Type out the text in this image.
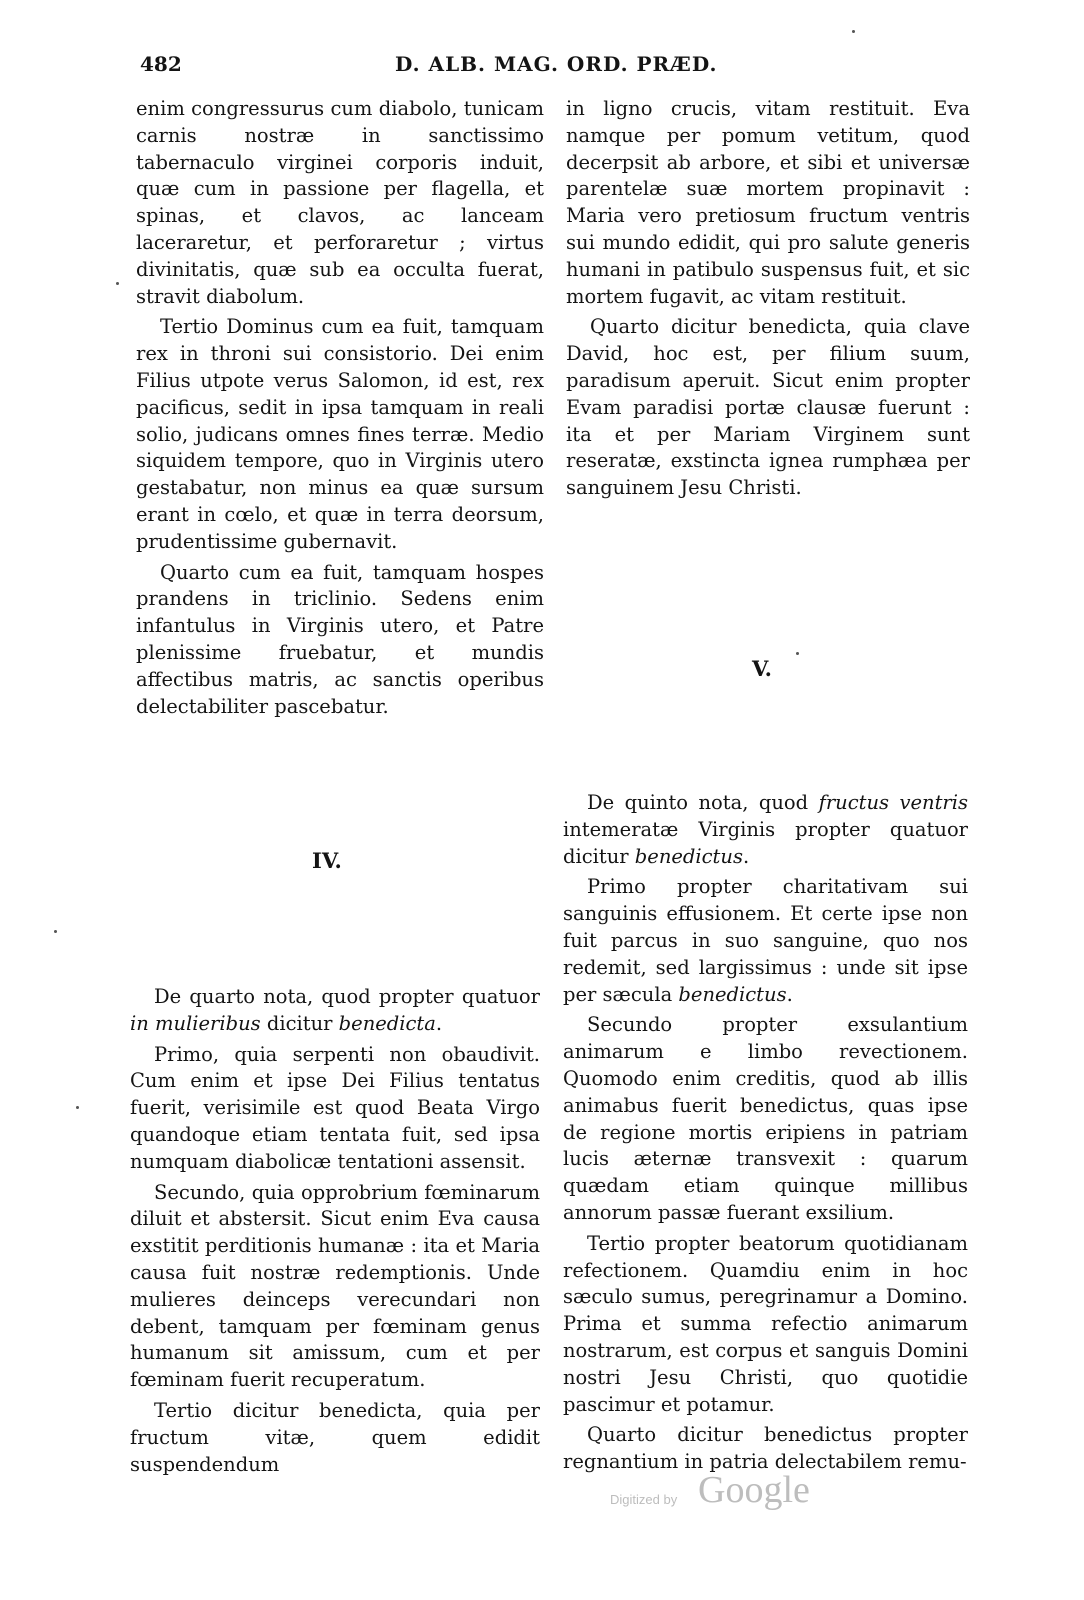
482	D. ALB. MAG. ORD. PRÆD.

enim congressurus cum diabolo, tunicam carnis nostræ in sanctissimo tabernaculo virginei corporis induit, quæ cum in passione per flagella, et spinas, et clavos, ac lanceam laceraretur, et perforaretur ; virtus divinitatis, quæ sub ea occulta fuerat, stravit diabolum.

Tertio Dominus cum ea fuit, tamquam rex in throni sui consistorio. Dei enim Filius utpote verus Salomon, id est, rex pacificus, sedit in ipsa tamquam in reali solio, judicans omnes fines terræ. Medio siquidem tempore, quo in Virginis utero gestabatur, non minus ea quæ sursum erant in cœlo, et quæ in terra deorsum, prudentissime gubernavit.

Quarto cum ea fuit, tamquam hospes prandens in triclinio. Sedens enim infantulus in Virginis utero, et Patre plenissime fruebatur, et mundis affectibus matris, ac sanctis operibus delectabiliter pascebatur.

in ligno crucis, vitam restituit. Eva namque per pomum vetitum, quod decerpsit ab arbore, et sibi et universæ parentelæ suæ mortem propinavit : Maria vero pretiosum fructum ventris sui mundo edidit, qui pro salute generis humani in patibulo suspensus fuit, et sic mortem fugavit, ac vitam restituit.

Quarto dicitur benedicta, quia clave David, hoc est, per filium suum, paradisum aperuit. Sicut enim propter Evam paradisi portæ clausæ fuerunt : ita et per Mariam Virginem sunt reseratæ, exstincta ignea rumphæa per sanguinem Jesu Christi.

V.
IV.

De quarto nota, quod propter quatuor in mulieribus dicitur benedicta.

Primo, quia serpenti non obaudivit. Cum enim et ipse Dei Filius tentatus fuerit, verisimile est quod Beata Virgo quandoque etiam tentata fuit, sed ipsa numquam diabolicæ tentationi assensit.

Secundo, quia opprobrium fœminarum diluit et abstersit. Sicut enim Eva causa exstitit perditionis humanæ : ita et Maria causa fuit nostræ redemptionis. Unde mulieres deinceps verecundari non debent, tamquam per fœminam genus humanum sit amissum, cum et per fœminam fuerit recuperatum.

Tertio dicitur benedicta, quia per fructum vitæ, quem edidit suspendendum

De quinto nota, quod fructus ventris intemeratæ Virginis propter quatuor dicitur benedictus.

Primo propter charitativam sui sanguinis effusionem. Et certe ipse non fuit parcus in suo sanguine, quo nos redemit, sed largissimus : unde sit ipse per sæcula benedictus.

Secundo propter exsulantium animarum e limbo revectionem. Quomodo enim creditis, quod ab illis animabus fuerit benedictus, quas ipse de regione mortis eripiens in patriam lucis æternæ transvexit : quarum quædam etiam quinque millibus annorum passæ fuerant exsilium.

Tertio propter beatorum quotidianam refectionem. Quamdiu enim in hoc sæculo sumus, peregrinamur a Domino. Prima et summa refectio animarum nostrarum, est corpus et sanguis Domini nostri Jesu Christi, quo quotidie pascimur et potamur.

Quarto dicitur benedictus propter regnantium in patria delectabilem remu-

Digitized by Google
